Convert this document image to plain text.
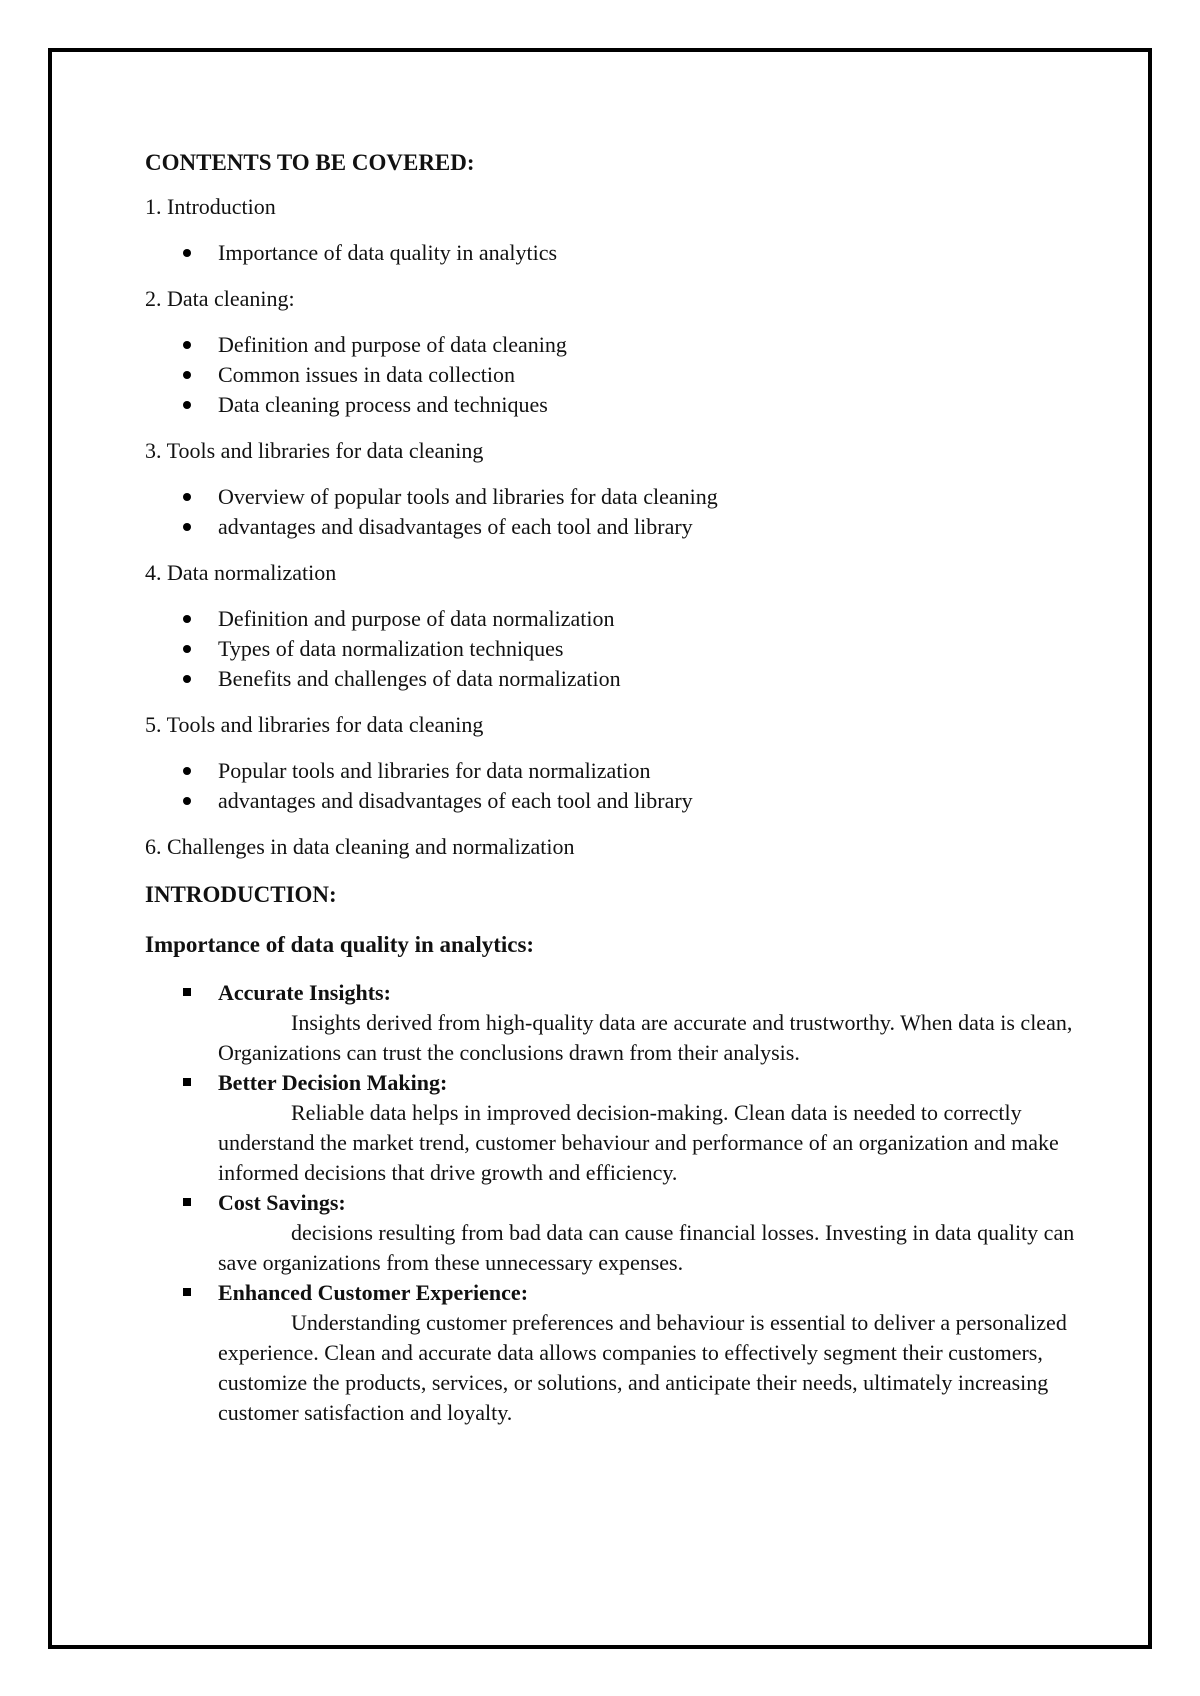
CONTENTS TO BE COVERED:
1. Introduction
Importance of data quality in analytics
2. Data cleaning:
Definition and purpose of data cleaning
Common issues in data collection
Data cleaning process and techniques
3. Tools and libraries for data cleaning
Overview of popular tools and libraries for data cleaning
advantages and disadvantages of each tool and library
4. Data normalization
Definition and purpose of data normalization
Types of data normalization techniques
Benefits and challenges of data normalization
5. Tools and libraries for data cleaning
Popular tools and libraries for data normalization
advantages and disadvantages of each tool and library
6. Challenges in data cleaning and normalization
INTRODUCTION:
Importance of data quality in analytics:
Accurate Insights:
Insights derived from high-quality data are accurate and trustworthy. When data is clean, Organizations can trust the conclusions drawn from their analysis.
Better Decision Making:
Reliable data helps in improved decision-making. Clean data is needed to correctly understand the market trend, customer behaviour and performance of an organization and make informed decisions that drive growth and efficiency.
Cost Savings:
decisions resulting from bad data can cause financial losses. Investing in data quality can save organizations from these unnecessary expenses.
Enhanced Customer Experience:
Understanding customer preferences and behaviour is essential to deliver a personalized experience. Clean and accurate data allows companies to effectively segment their customers, customize the products, services, or solutions, and anticipate their needs, ultimately increasing customer satisfaction and loyalty.
